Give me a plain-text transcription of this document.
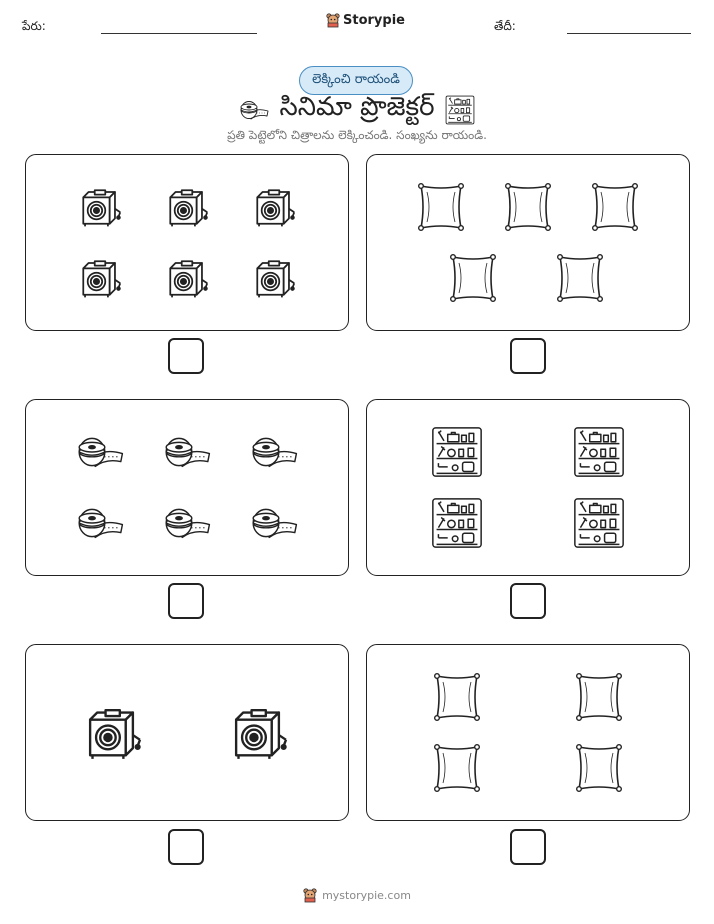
పేరు:	Storypie	తేదీ:
లెక్కించి రాయండి
సినిమా ప్రొజెక్టర్
ప్రతి పెట్టెలోని చిత్రాలను లెక్కించండి. సంఖ్యను రాయండి.
mystorypie.com
